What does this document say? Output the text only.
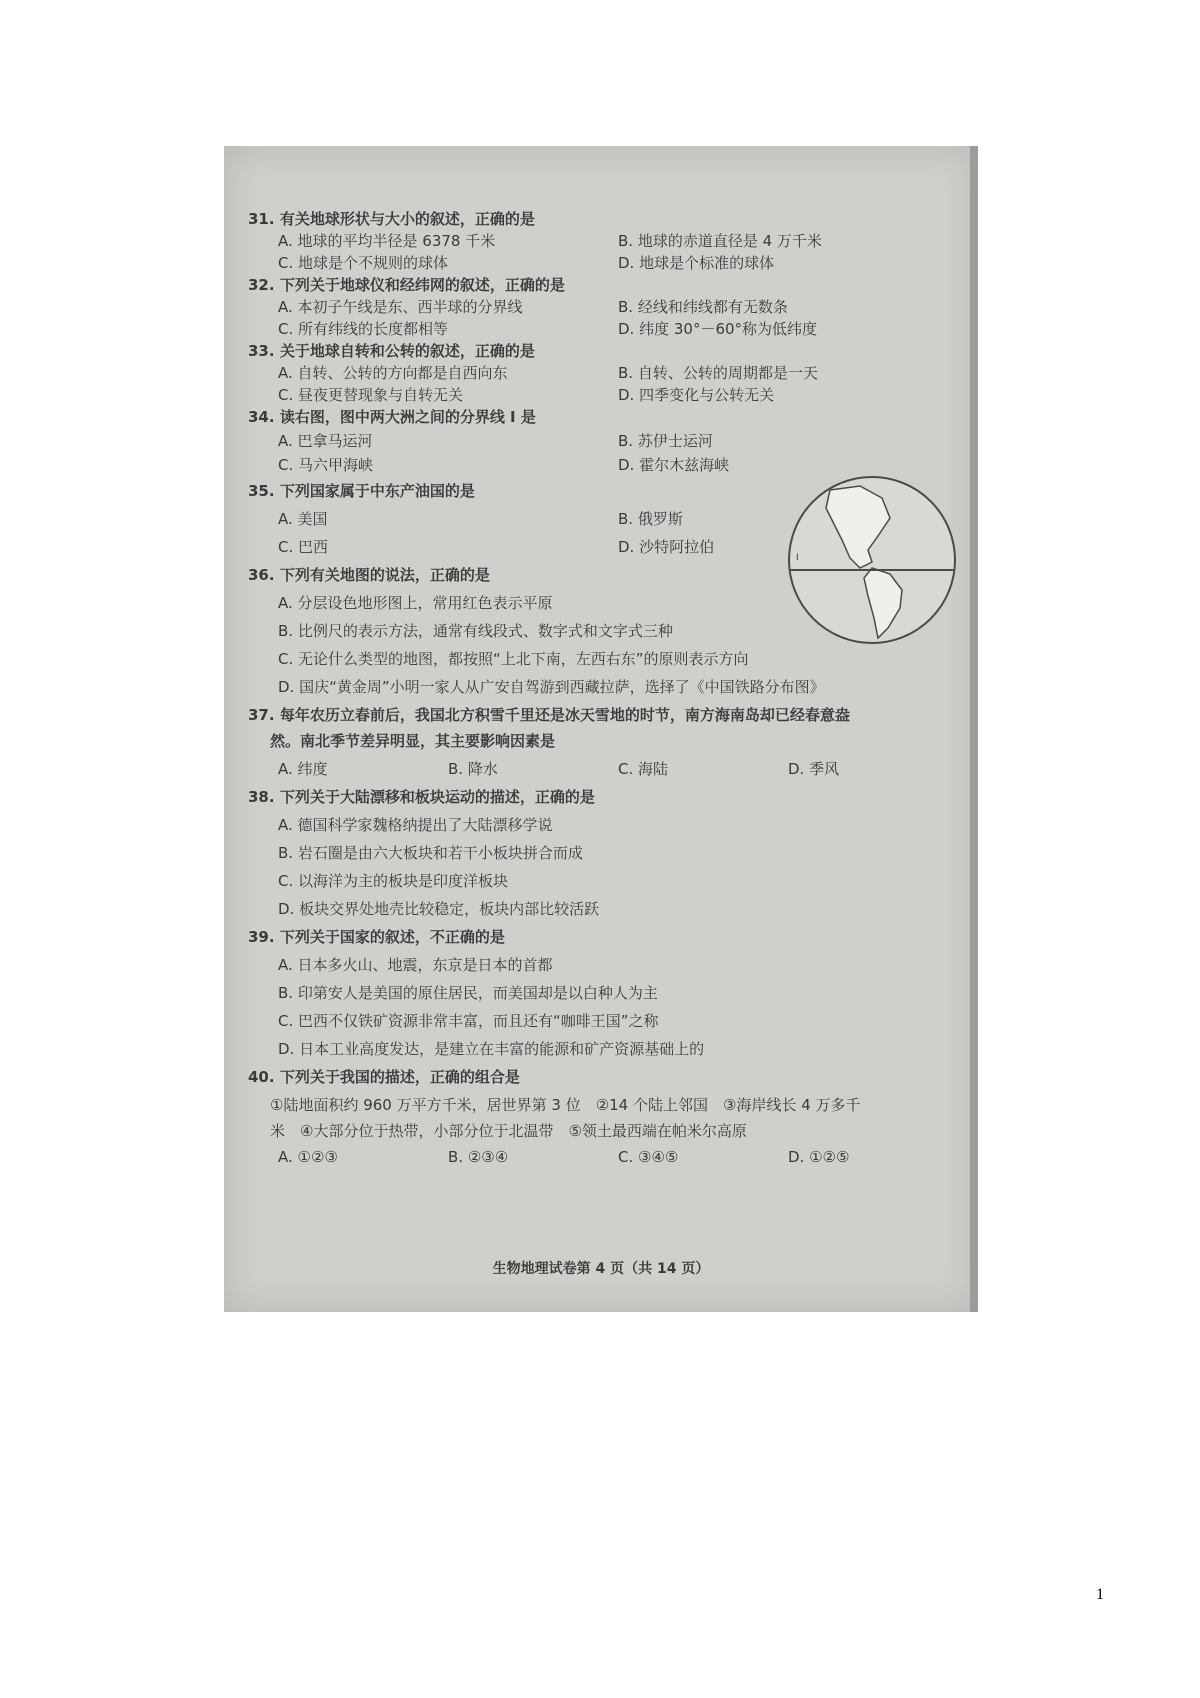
31. 有关地球形状与大小的叙述，正确的是
A. 地球的平均半径是 6378 千米	B. 地球的赤道直径是 4 万千米
C. 地球是个不规则的球体	D. 地球是个标准的球体
32. 下列关于地球仪和经纬网的叙述，正确的是
A. 本初子午线是东、西半球的分界线	B. 经线和纬线都有无数条
C. 所有纬线的长度都相等	D. 纬度 30°－60°称为低纬度
33. 关于地球自转和公转的叙述，正确的是
A. 自转、公转的方向都是自西向东	B. 自转、公转的周期都是一天
C. 昼夜更替现象与自转无关	D. 四季变化与公转无关
34. 读右图，图中两大洲之间的分界线 I 是
A. 巴拿马运河	B. 苏伊士运河
C. 马六甲海峡	D. 霍尔木兹海峡
35. 下列国家属于中东产油国的是
A. 美国	B. 俄罗斯
C. 巴西	D. 沙特阿拉伯
I
36. 下列有关地图的说法，正确的是
A. 分层设色地形图上，常用红色表示平原
B. 比例尺的表示方法，通常有线段式、数字式和文字式三种
C. 无论什么类型的地图，都按照“上北下南，左西右东”的原则表示方向
D. 国庆“黄金周”小明一家人从广安自驾游到西藏拉萨，选择了《中国铁路分布图》
37. 每年农历立春前后，我国北方积雪千里还是冰天雪地的时节，南方海南岛却已经春意盎
然。南北季节差异明显，其主要影响因素是
A. 纬度	B. 降水	C. 海陆	D. 季风
38. 下列关于大陆漂移和板块运动的描述，正确的是
A. 德国科学家魏格纳提出了大陆漂移学说
B. 岩石圈是由六大板块和若干小板块拼合而成
C. 以海洋为主的板块是印度洋板块
D. 板块交界处地壳比较稳定，板块内部比较活跃
39. 下列关于国家的叙述，不正确的是
A. 日本多火山、地震，东京是日本的首都
B. 印第安人是美国的原住居民，而美国却是以白种人为主
C. 巴西不仅铁矿资源非常丰富，而且还有“咖啡王国”之称
D. 日本工业高度发达，是建立在丰富的能源和矿产资源基础上的
40. 下列关于我国的描述，正确的组合是
①陆地面积约 960 万平方千米，居世界第 3 位　②14 个陆上邻国　③海岸线长 4 万多千
米　④大部分位于热带，小部分位于北温带　⑤领土最西端在帕米尔高原
A. ①②③	B. ②③④	C. ③④⑤	D. ①②⑤
生物地理试卷第 4 页（共 14 页）
1
